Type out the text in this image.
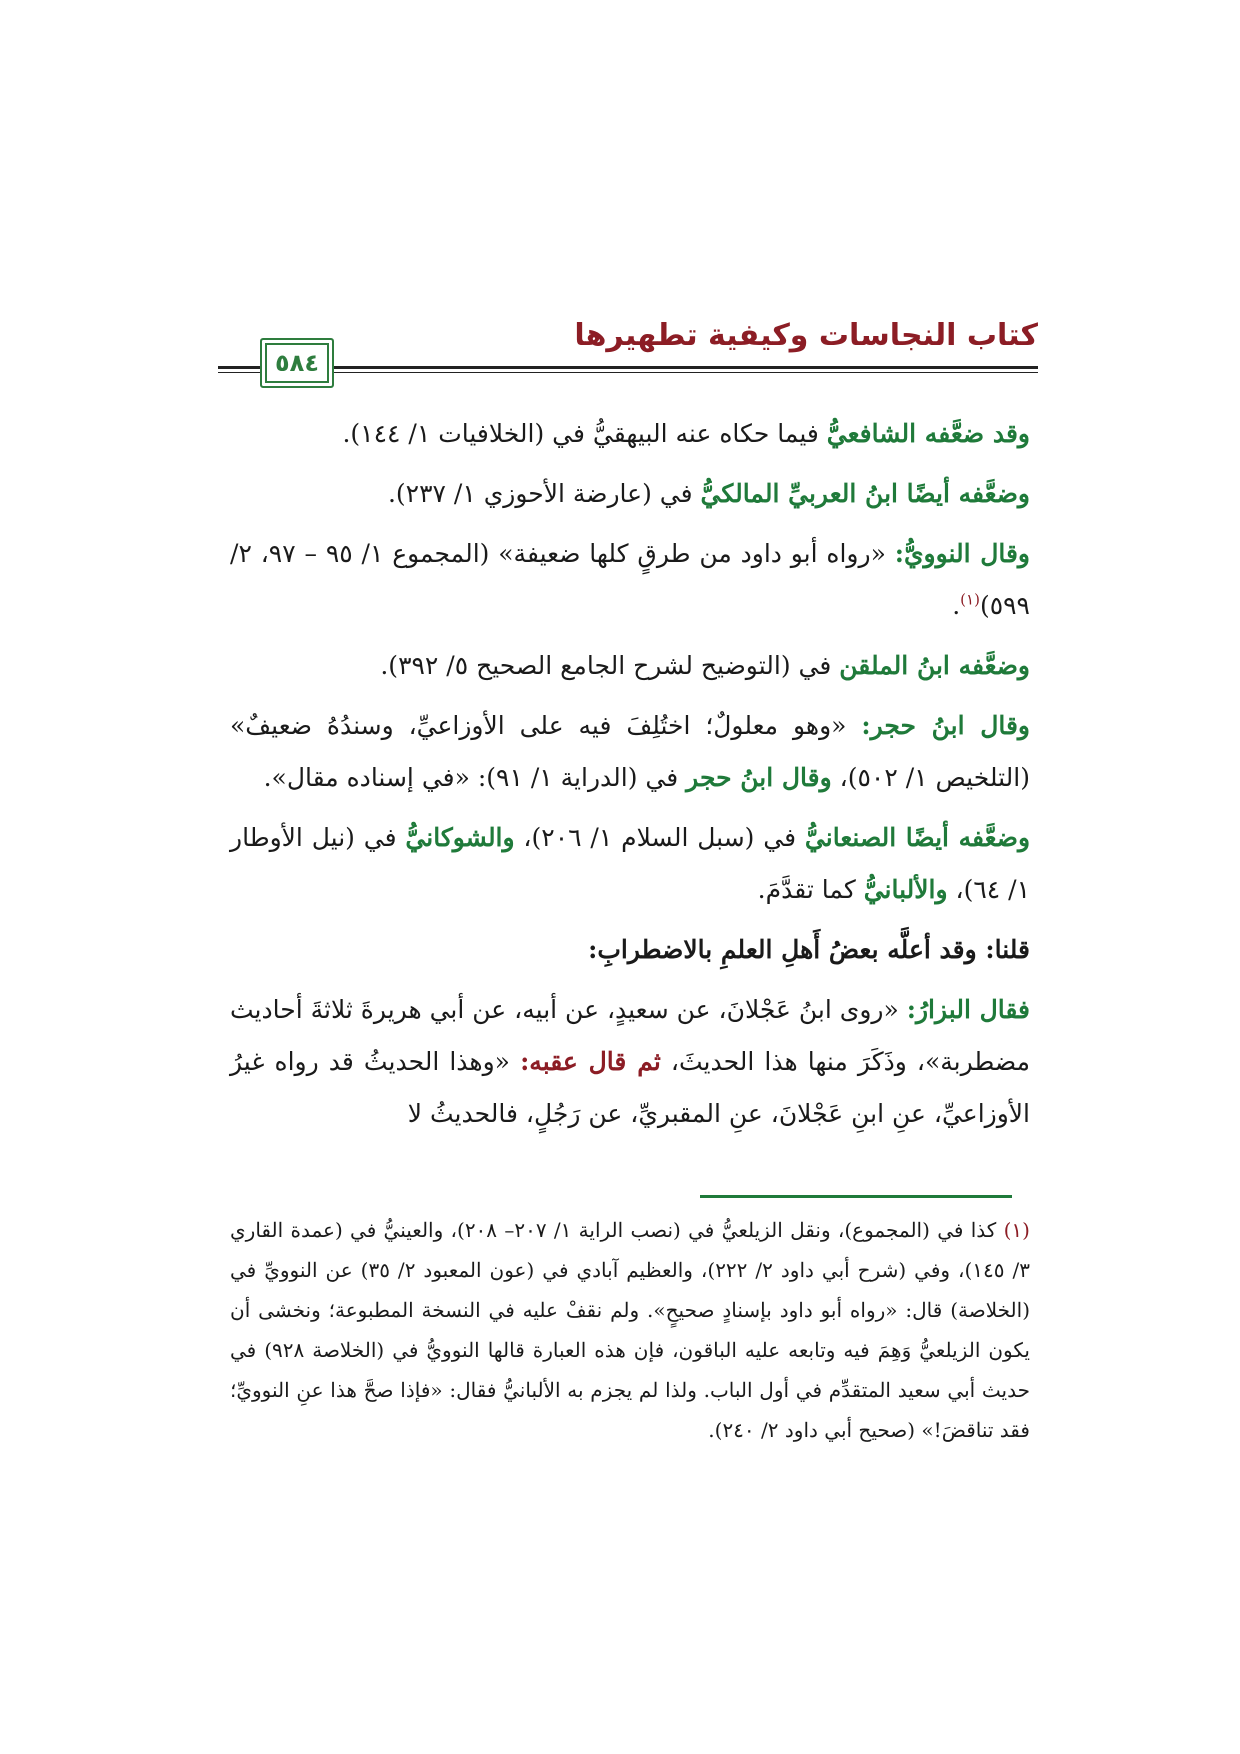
كتاب النجاسات وكيفية تطهيرها
٥٨٤

وقد ضعَّفه الشافعيُّ فيما حكاه عنه البيهقيُّ في (الخلافيات ١/ ١٤٤).

وضعَّفه أيضًا ابنُ العربيِّ المالكيُّ في (عارضة الأحوزي ١/ ٢٣٧).

وقال النوويُّ: «رواه أبو داود من طرقٍ كلها ضعيفة» (المجموع ١/ ٩٥ – ٩٧، ٢/ ٥٩٩)$^{(١)}$.

وضعَّفه ابنُ الملقن في (التوضيح لشرح الجامع الصحيح ٥/ ٣٩٢).

وقال ابنُ حجر: «وهو معلولٌ؛ اختُلِفَ فيه على الأوزاعيِّ، وسندُهُ ضعيفٌ» (التلخيص ١/ ٥٠٢)، وقال ابنُ حجر في (الدراية ١/ ٩١): «في إسناده مقال».

وضعَّفه أيضًا الصنعانيُّ في (سبل السلام ١/ ٢٠٦)، والشوكانيُّ في (نيل الأوطار ١/ ٦٤)، والألبانيُّ كما تقدَّمَ.

قلنا: وقد أعلَّه بعضُ أَهلِ العلمِ بالاضطرابِ:

فقال البزارُ: «روى ابنُ عَجْلانَ، عن سعيدٍ، عن أبيه، عن أبي هريرةَ ثلاثةَ أحاديث مضطربة»، وذَكَرَ منها هذا الحديثَ، ثم قال عقبه: «وهذا الحديثُ قد رواه غيرُ الأوزاعيِّ، عنِ ابنِ عَجْلانَ، عنِ المقبريِّ، عن رَجُلٍ، فالحديثُ لا

(١) كذا في (المجموع)، ونقل الزيلعيُّ في (نصب الراية ١/ ٢٠٧– ٢٠٨)، والعينيُّ في (عمدة القاري ٣/ ١٤٥)، وفي (شرح أبي داود ٢/ ٢٢٢)، والعظيم آبادي في (عون المعبود ٢/ ٣٥) عن النوويِّ في (الخلاصة) قال: «رواه أبو داود بإسنادٍ صحيحٍ». ولم نقفْ عليه في النسخة المطبوعة؛ ونخشى أن يكون الزيلعيُّ وَهِمَ فيه وتابعه عليه الباقون، فإن هذه العبارة قالها النوويُّ في (الخلاصة ٩٢٨) في حديث أبي سعيد المتقدِّم في أول الباب. ولذا لم يجزم به الألبانيُّ فقال: «فإذا صحَّ هذا عنِ النوويِّ؛ فقد تناقضَ!» (صحيح أبي داود ٢/ ٢٤٠).
